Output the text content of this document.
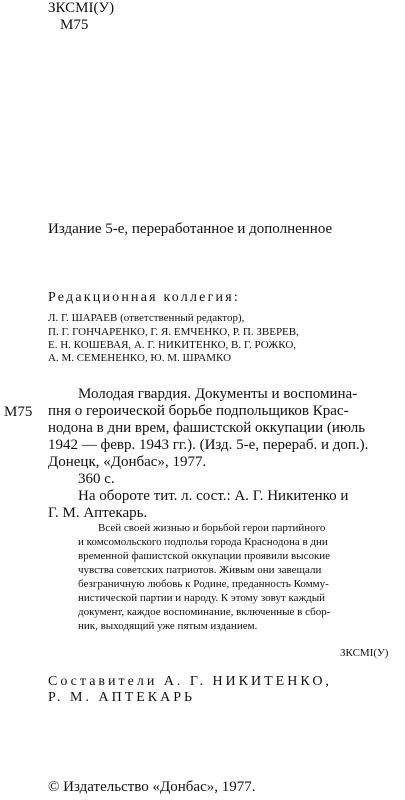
ЗКСМІ(У)
М75
Издание 5-е, переработанное и дополненное
Редакционная коллегия:
Л. Г. ШАРАЕВ (ответственный редактор),
П. Г. ГОНЧАРЕНКО, Г. Я. ЕМЧЕНКО, Р. П. ЗВЕРЕВ,
Е. Н. КОШЕВАЯ, А. Г. НИКИТЕНКО, В. Г. РОЖКО,
А. М. СЕМЕНЕНКО, Ю. М. ШРАМКО
М75
Молодая гвардия. Документы и воспомина-
пня о героической борьбе подпольщиков Крас-
нодона в дни врем, фашистской оккупации (июль
1942 — февр. 1943 гг.). (Изд. 5-е, перераб. и доп.).
Донецк, «Донбас», 1977.
360 с.
На обороте тит. л. сост.: А. Г. Никитенко и
Г. М. Аптекарь.
Всей своей жизнью и борьбой герои партийного
и комсомольского подполья города Краснодона в дни
временной фашистской оккупации проявили высокие
чувства советских патриотов. Живым они завещали
безграничную любовь к Родине, преданность Комму-
нистической партии и народу. К этому зовут каждый
документ, каждое воспоминание, включенные в сбор-
ник, выходящий уже пятым изданием.
ЗКСМІ(У)
Составители А. Г. НИКИТЕНКО,
Р. М. АПТЕКАРЬ
© Издательство «Донбас», 1977.
